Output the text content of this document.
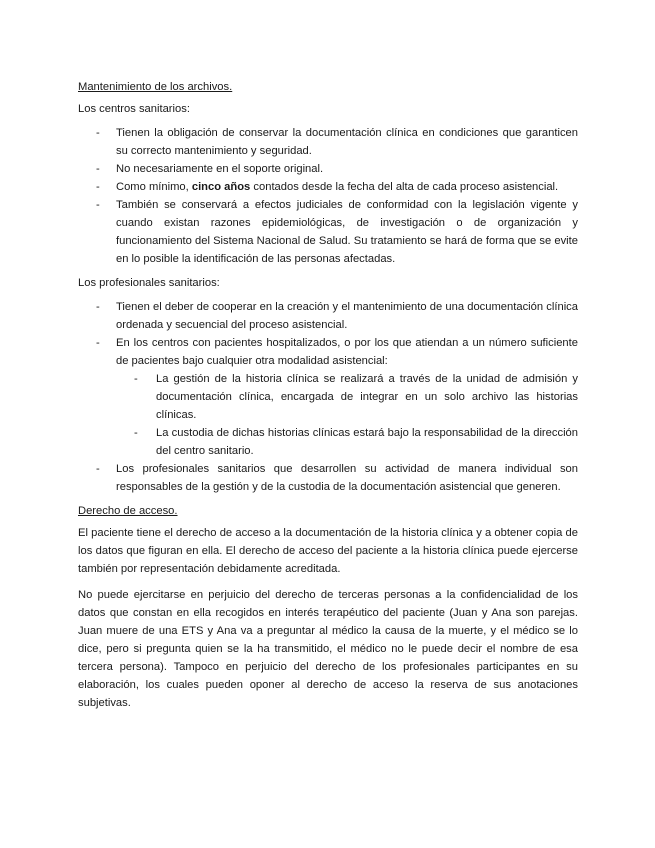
Mantenimiento de los archivos.
Los centros sanitarios:
- Tienen la obligación de conservar la documentación clínica en condiciones que garanticen su correcto mantenimiento y seguridad.
- No necesariamente en el soporte original.
- Como mínimo, cinco años contados desde la fecha del alta de cada proceso asistencial.
- También se conservará a efectos judiciales de conformidad con la legislación vigente y cuando existan razones epidemiológicas, de investigación o de organización y funcionamiento del Sistema Nacional de Salud. Su tratamiento se hará de forma que se evite en lo posible la identificación de las personas afectadas.
Los profesionales sanitarios:
- Tienen el deber de cooperar en la creación y el mantenimiento de una documentación clínica ordenada y secuencial del proceso asistencial.
- En los centros con pacientes hospitalizados, o por los que atiendan a un número suficiente de pacientes bajo cualquier otra modalidad asistencial:
- La gestión de la historia clínica se realizará a través de la unidad de admisión y documentación clínica, encargada de integrar en un solo archivo las historias clínicas.
- La custodia de dichas historias clínicas estará bajo la responsabilidad de la dirección del centro sanitario.
- Los profesionales sanitarios que desarrollen su actividad de manera individual son responsables de la gestión y de la custodia de la documentación asistencial que generen.
Derecho de acceso.

El paciente tiene el derecho de acceso a la documentación de la historia clínica y a obtener copia de los datos que figuran en ella. El derecho de acceso del paciente a la historia clínica puede ejercerse también por representación debidamente acreditada.

No puede ejercitarse en perjuicio del derecho de terceras personas a la confidencialidad de los datos que constan en ella recogidos en interés terapéutico del paciente (Juan y Ana son parejas. Juan muere de una ETS y Ana va a preguntar al médico la causa de la muerte, y el médico se lo dice, pero si pregunta quien se la ha transmitido, el médico no le puede decir el nombre de esa tercera persona). Tampoco en perjuicio del derecho de los profesionales participantes en su elaboración, los cuales pueden oponer al derecho de acceso la reserva de sus anotaciones subjetivas.
